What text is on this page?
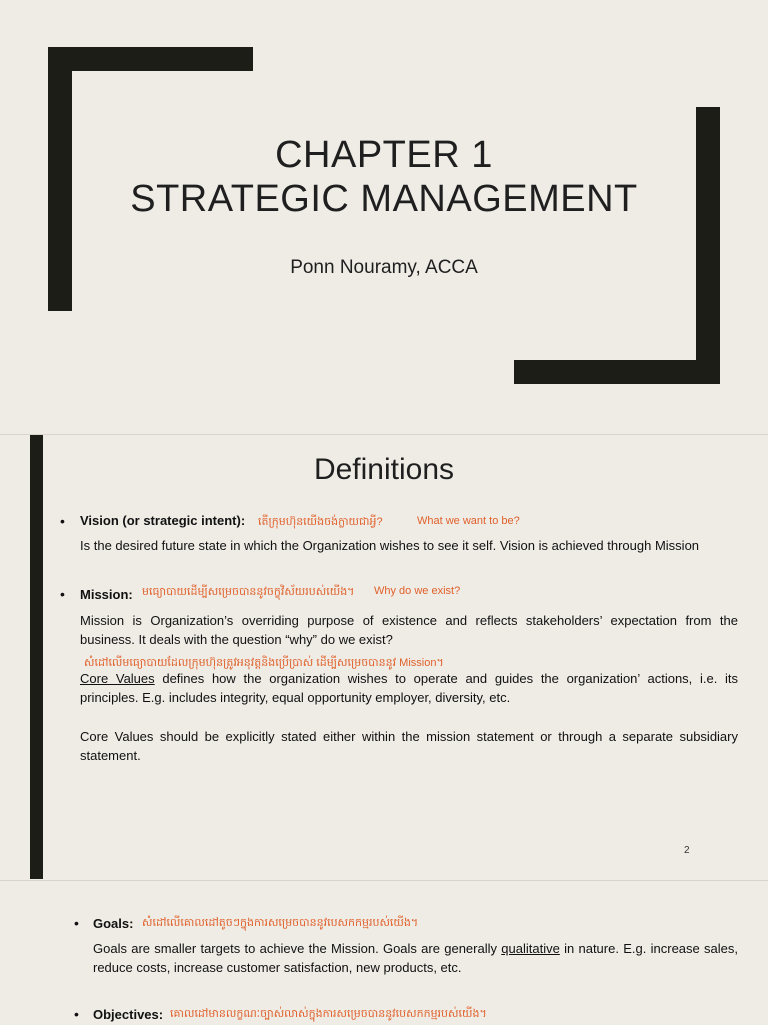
CHAPTER 1
STRATEGIC MANAGEMENT
Ponn Nouramy, ACCA
Definitions
• Vision (or strategic intent): តើក្រុមហ៊ុនយើងចង់ក្លាយជាអ្វី?	What we want to be?
Is the desired future state in which the Organization wishes to see it self. Vision is achieved through Mission
• Mission: មធ្យោបាយដើម្បីសម្រេចបាននូវចក្ខុវិស័យរបស់យើង។ Why do we exist?
Mission is Organization’s overriding purpose of existence and reflects stakeholders’ expectation from the business. It deals with the question “why” do we exist?
សំដៅលើមធ្យោបាយដែលក្រុមហ៊ុនត្រូវអនុវត្តនិងប្រើប្រាស់ ដើម្បីសម្រេចបាននូវ Mission។
Core Values defines how the organization wishes to operate and guides the organization’ actions, i.e. its principles. E.g. includes integrity, equal opportunity employer, diversity, etc.
Core Values should be explicitly stated either within the mission statement or through a separate subsidiary statement.
2
• Goals: សំដៅលើគោលដៅតូចៗក្នុងការសម្រេចបាននូវបេសកកម្មរបស់យើង។
Goals are smaller targets to achieve the Mission. Goals are generally qualitative in nature. E.g. increase sales, reduce costs, increase customer satisfaction, new products, etc.
• Objectives: គោលដៅមានលក្ខណៈច្បាស់លាស់ក្នុងការសម្រេចបាននូវបេសកកម្មរបស់យើង។
